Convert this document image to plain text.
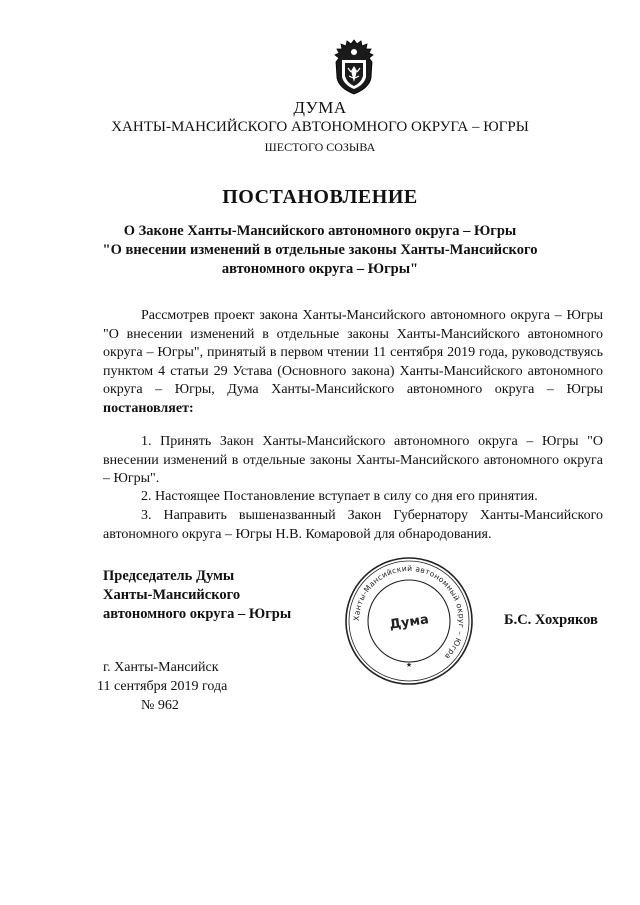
ДУМА
ХАНТЫ-МАНСИЙСКОГО АВТОНОМНОГО ОКРУГА – ЮГРЫ
ШЕСТОГО СОЗЫВА
ПОСТАНОВЛЕНИЕ
О Законе Ханты-Мансийского автономного округа – Югры
"О внесении изменений в отдельные законы Ханты-Мансийского
автономного округа – Югры"
Рассмотрев проект закона Ханты-Мансийского автономного округа – Югры "О внесении изменений в отдельные законы Ханты-Мансийского автономного округа – Югры", принятый в первом чтении 11 сентября 2019 года, руководствуясь пунктом 4 статьи 29 Устава (Основного закона) Ханты-Мансийского автономного округа – Югры, Дума Ханты-Мансийского автономного округа – Югры постановляет:
1. Принять Закон Ханты-Мансийского автономного округа – Югры "О внесении изменений в отдельные законы Ханты-Мансийского автономного округа – Югры".
2. Настоящее Постановление вступает в силу со дня его принятия.
3. Направить вышеназванный Закон Губернатору Ханты-Мансийского автономного округа – Югры Н.В. Комаровой для обнародования.
Председатель Думы
Ханты-Мансийского
автономного округа – Югры	Ханты-Мансийский автономный округ – Югра
Дума
★
Б.С. Хохряков
г. Ханты-Мансийск
11 сентября 2019 года
№ 962
